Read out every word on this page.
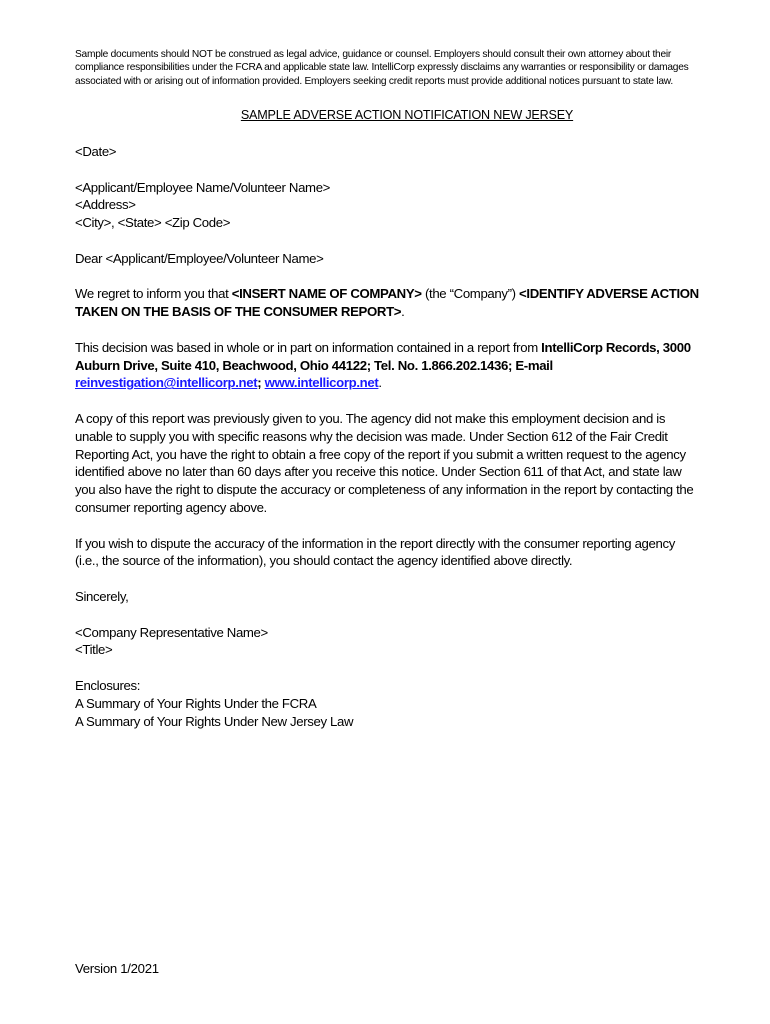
Sample documents should NOT be construed as legal advice, guidance or counsel. Employers should consult their own attorney about their compliance responsibilities under the FCRA and applicable state law. IntelliCorp expressly disclaims any warranties or responsibility or damages associated with or arising out of information provided. Employers seeking credit reports must provide additional notices pursuant to state law.
SAMPLE ADVERSE ACTION NOTIFICATION NEW JERSEY

<Date>

<Applicant/Employee Name/Volunteer Name>
<Address>
<City>, <State> <Zip Code>

Dear <Applicant/Employee/Volunteer Name>

We regret to inform you that <INSERT NAME OF COMPANY> (the “Company”) <IDENTIFY ADVERSE ACTION TAKEN ON THE BASIS OF THE CONSUMER REPORT>.

This decision was based in whole or in part on information contained in a report from IntelliCorp Records, 3000 Auburn Drive, Suite 410, Beachwood, Ohio 44122; Tel. No. 1.866.202.1436; E-mail reinvestigation@intellicorp.net; www.intellicorp.net.

A copy of this report was previously given to you. The agency did not make this employment decision and is unable to supply you with specific reasons why the decision was made. Under Section 612 of the Fair Credit Reporting Act, you have the right to obtain a free copy of the report if you submit a written request to the agency identified above no later than 60 days after you receive this notice. Under Section 611 of that Act, and state law you also have the right to dispute the accuracy or completeness of any information in the report by contacting the consumer reporting agency above.

If you wish to dispute the accuracy of the information in the report directly with the consumer reporting agency (i.e., the source of the information), you should contact the agency identified above directly.

Sincerely,

<Company Representative Name>
<Title>

Enclosures:
A Summary of Your Rights Under the FCRA
A Summary of Your Rights Under New Jersey Law

Version 1/2021
